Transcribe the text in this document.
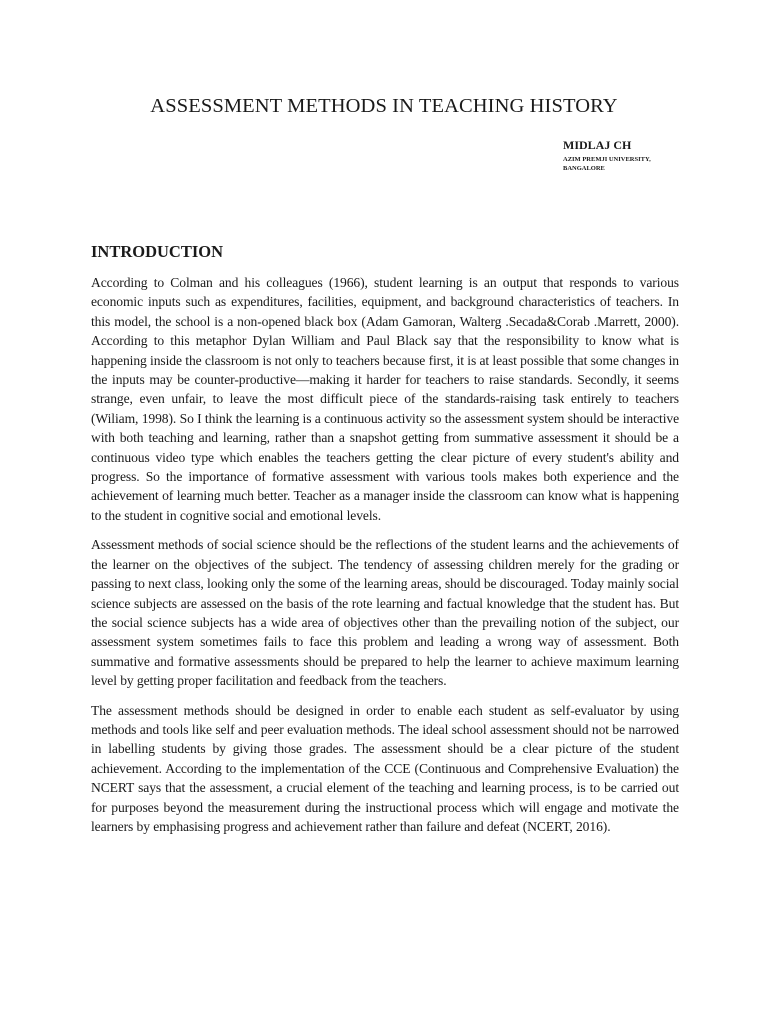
ASSESSMENT METHODS IN TEACHING HISTORY

MIDLAJ CH

AZIM PREMJI UNIVERSITY, BANGALORE

INTRODUCTION

According to Colman and his colleagues (1966), student learning is an output that responds to various economic inputs such as expenditures, facilities, equipment, and background characteristics of teachers. In this model, the school is a non-opened black box (Adam Gamoran, Walterg .Secada&Corab .Marrett, 2000). According to this metaphor Dylan William and Paul Black say that the responsibility to know what is happening inside the classroom is not only to teachers because first, it is at least possible that some changes in the inputs may be counter-productive—making it harder for teachers to raise standards. Secondly, it seems strange, even unfair, to leave the most difficult piece of the standards-raising task entirely to teachers (Wiliam, 1998). So I think the learning is a continuous activity so the assessment system should be interactive with both teaching and learning, rather than a snapshot getting from summative assessment it should be a continuous video type which enables the teachers getting the clear picture of every student's ability and progress. So the importance of formative assessment with various tools makes both experience and the achievement of learning much better. Teacher as a manager inside the classroom can know what is happening to the student in cognitive social and emotional levels.

Assessment methods of social science should be the reflections of the student learns and the achievements of the learner on the objectives of the subject. The tendency of assessing children merely for the grading or passing to next class, looking only the some of the learning areas, should be discouraged. Today mainly social science subjects are assessed on the basis of the rote learning and factual knowledge that the student has. But the social science subjects has a wide area of objectives other than the prevailing notion of the subject, our assessment system sometimes fails to face this problem and leading a wrong way of assessment. Both summative and formative assessments should be prepared to help the learner to achieve maximum learning level by getting proper facilitation and feedback from the teachers.

The assessment methods should be designed in order to enable each student as self-evaluator by using methods and tools like self and peer evaluation methods. The ideal school assessment should not be narrowed in labelling students by giving those grades. The assessment should be a clear picture of the student achievement. According to the implementation of the CCE (Continuous and Comprehensive Evaluation) the NCERT says that the assessment, a crucial element of the teaching and learning process, is to be carried out for purposes beyond the measurement during the instructional process which will engage and motivate the learners by emphasising progress and achievement rather than failure and defeat (NCERT, 2016).
